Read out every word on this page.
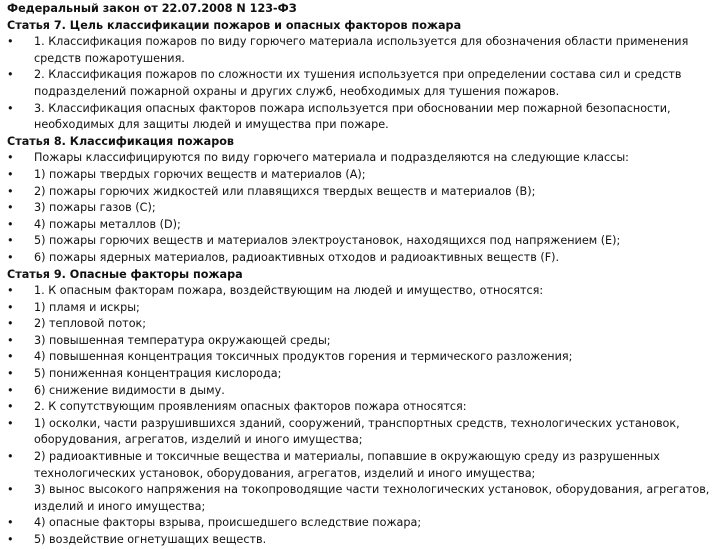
Федеральный закон от 22.07.2008 N 123-ФЗ
Статья 7. Цель классификации пожаров и опасных факторов пожара
•	1. Классификация пожаров по виду горючего материала используется для обозначения области применения средств пожаротушения.
•	2. Классификация пожаров по сложности их тушения используется при определении состава сил и средств подразделений пожарной охраны и других служб, необходимых для тушения пожаров.
•	3. Классификация опасных факторов пожара используется при обосновании мер пожарной безопасности, необходимых для защиты людей и имущества при пожаре.
Статья 8. Классификация пожаров
•	Пожары классифицируются по виду горючего материала и подразделяются на следующие классы:
•	1) пожары твердых горючих веществ и материалов (A);
•	2) пожары горючих жидкостей или плавящихся твердых веществ и материалов (B);
•	3) пожары газов (C);
•	4) пожары металлов (D);
•	5) пожары горючих веществ и материалов электроустановок, находящихся под напряжением (E);
•	6) пожары ядерных материалов, радиоактивных отходов и радиоактивных веществ (F).
Статья 9. Опасные факторы пожара
•	1. К опасным факторам пожара, воздействующим на людей и имущество, относятся:
•	1) пламя и искры;
•	2) тепловой поток;
•	3) повышенная температура окружающей среды;
•	4) повышенная концентрация токсичных продуктов горения и термического разложения;
•	5) пониженная концентрация кислорода;
•	6) снижение видимости в дыму.
•	2. К сопутствующим проявлениям опасных факторов пожара относятся:
•	1) осколки, части разрушившихся зданий, сооружений, транспортных средств, технологических установок, оборудования, агрегатов, изделий и иного имущества;
•	2) радиоактивные и токсичные вещества и материалы, попавшие в окружающую среду из разрушенных технологических установок, оборудования, агрегатов, изделий и иного имущества;
•	3) вынос высокого напряжения на токопроводящие части технологических установок, оборудования, агрегатов, изделий и иного имущества;
•	4) опасные факторы взрыва, происшедшего вследствие пожара;
•	5) воздействие огнетушащих веществ.
